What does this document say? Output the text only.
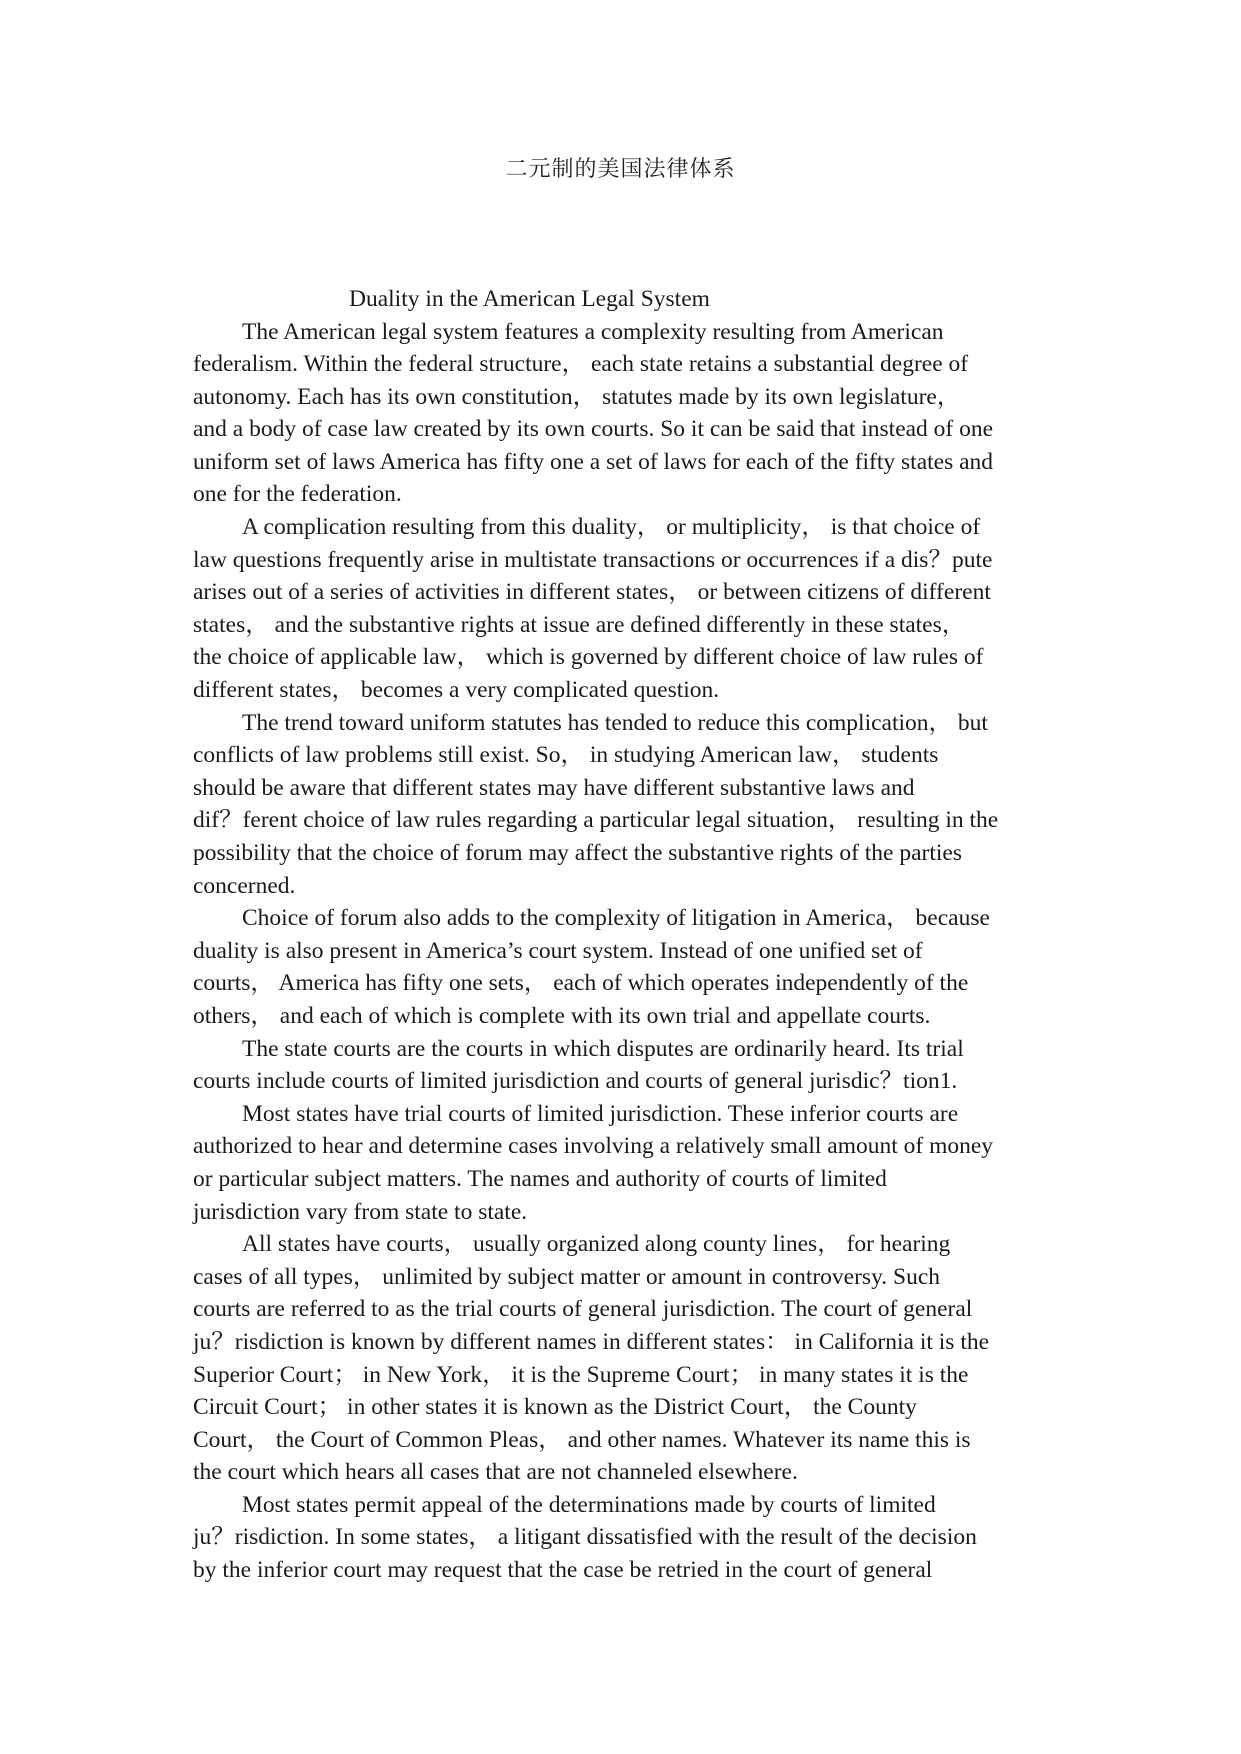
二元制的美国法律体系
Duality in the American Legal System
The American legal system features a complexity resulting from American
federalism. Within the federal structure， each state retains a substantial degree of
autonomy. Each has its own constitution， statutes made by its own legislature，
and a body of case law created by its own courts. So it can be said that instead of one
uniform set of laws America has fifty one a set of laws for each of the fifty states and
one for the federation.
A complication resulting from this duality， or multiplicity， is that choice of
law questions frequently arise in multistate transactions or occurrences if a dis？pute
arises out of a series of activities in different states， or between citizens of different
states， and the substantive rights at issue are defined differently in these states，
the choice of applicable law， which is governed by different choice of law rules of
different states， becomes a very complicated question.
The trend toward uniform statutes has tended to reduce this complication， but
conflicts of law problems still exist. So， in studying American law， students
should be aware that different states may have different substantive laws and
dif？ferent choice of law rules regarding a particular legal situation， resulting in the
possibility that the choice of forum may affect the substantive rights of the parties
concerned.
Choice of forum also adds to the complexity of litigation in America， because
duality is also present in America’s court system. Instead of one unified set of
courts， America has fifty one sets， each of which operates independently of the
others， and each of which is complete with its own trial and appellate courts.
The state courts are the courts in which disputes are ordinarily heard. Its trial
courts include courts of limited jurisdiction and courts of general jurisdic？tion1.
Most states have trial courts of limited jurisdiction. These inferior courts are
authorized to hear and determine cases involving a relatively small amount of money
or particular subject matters. The names and authority of courts of limited
jurisdiction vary from state to state.
All states have courts， usually organized along county lines， for hearing
cases of all types， unlimited by subject matter or amount in controversy. Such
courts are referred to as the trial courts of general jurisdiction. The court of general
ju？risdiction is known by different names in different states： in California it is the
Superior Court； in New York， it is the Supreme Court； in many states it is the
Circuit Court； in other states it is known as the District Court， the County
Court， the Court of Common Pleas， and other names. Whatever its name this is
the court which hears all cases that are not channeled elsewhere.
Most states permit appeal of the determinations made by courts of limited
ju？risdiction. In some states， a litigant dissatisfied with the result of the decision
by the inferior court may request that the case be retried in the court of general
